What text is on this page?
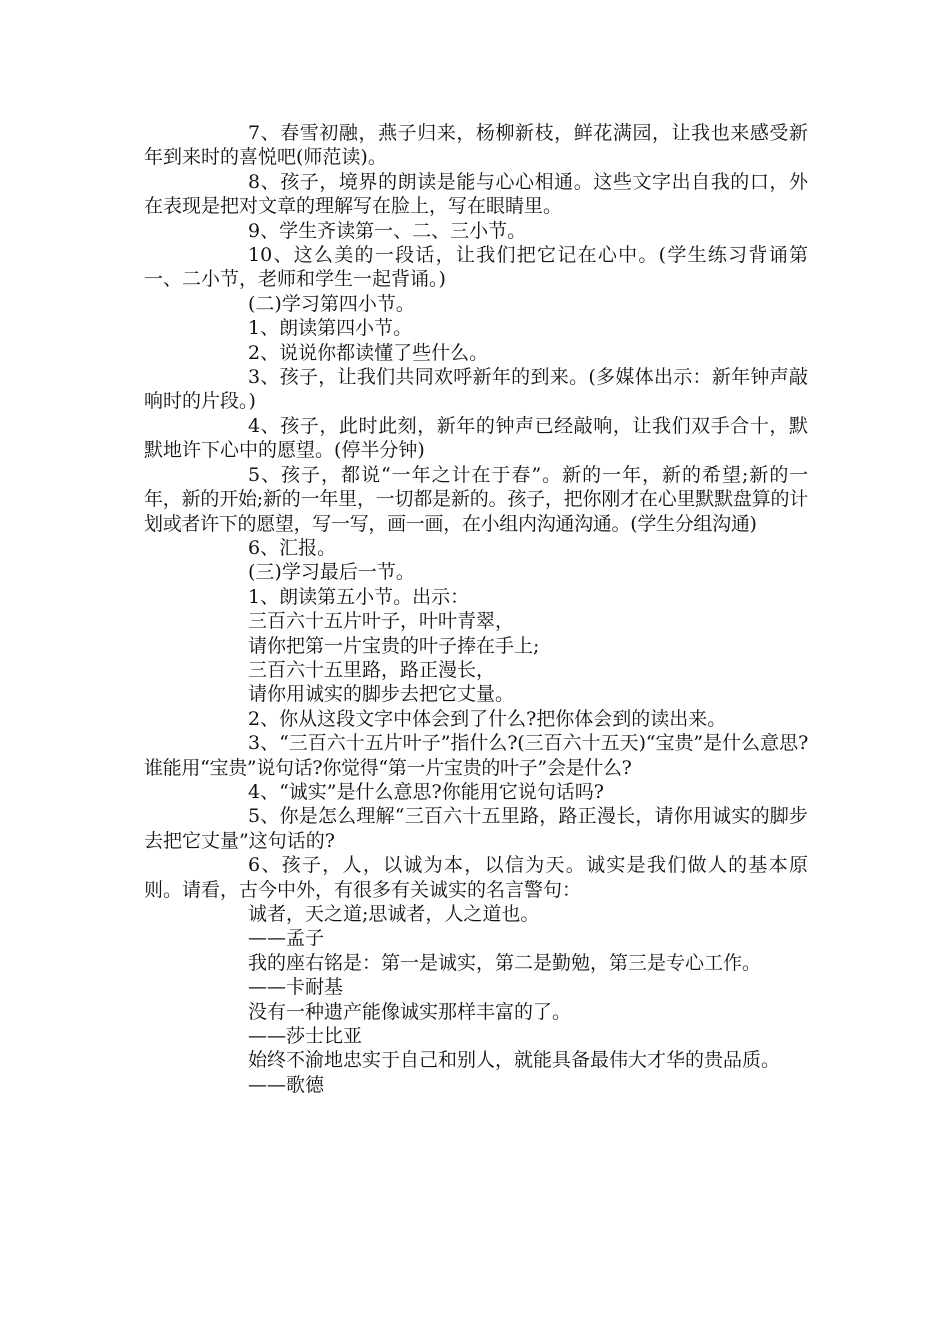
7、春雪初融，燕子归来，杨柳新枝，鲜花满园，让我也来感受新年到来时的喜悦吧(师范读)。

8、孩子，境界的朗读是能与心心相通。这些文字出自我的口，外在表现是把对文章的理解写在脸上，写在眼睛里。

9、学生齐读第一、二、三小节。

10、这么美的一段话，让我们把它记在心中。(学生练习背诵第一、二小节，老师和学生一起背诵。)

(二)学习第四小节。

1、朗读第四小节。

2、说说你都读懂了些什么。

3、孩子，让我们共同欢呼新年的到来。(多媒体出示：新年钟声敲响时的片段。)

4、孩子，此时此刻，新年的钟声已经敲响，让我们双手合十，默默地许下心中的愿望。(停半分钟)

5、孩子，都说“一年之计在于春”。新的一年，新的希望;新的一年，新的开始;新的一年里，一切都是新的。孩子，把你刚才在心里默默盘算的计划或者许下的愿望，写一写，画一画，在小组内沟通沟通。(学生分组沟通)

6、汇报。

(三)学习最后一节。

1、朗读第五小节。出示：

三百六十五片叶子，叶叶青翠，

请你把第一片宝贵的叶子捧在手上;

三百六十五里路，路正漫长，

请你用诚实的脚步去把它丈量。

2、你从这段文字中体会到了什么?把你体会到的读出来。

3、“三百六十五片叶子”指什么?(三百六十五天)“宝贵”是什么意思?谁能用“宝贵”说句话?你觉得“第一片宝贵的叶子”会是什么?

4、“诚实”是什么意思?你能用它说句话吗?

5、你是怎么理解“三百六十五里路，路正漫长，请你用诚实的脚步去把它丈量”这句话的?

6、孩子，人，以诚为本，以信为天。诚实是我们做人的基本原则。请看，古今中外，有很多有关诚实的名言警句：

诚者，天之道;思诚者，人之道也。

——孟子

我的座右铭是：第一是诚实，第二是勤勉，第三是专心工作。

——卡耐基

没有一种遗产能像诚实那样丰富的了。

——莎士比亚

始终不渝地忠实于自己和别人，就能具备最伟大才华的贵品质。

——歌德
